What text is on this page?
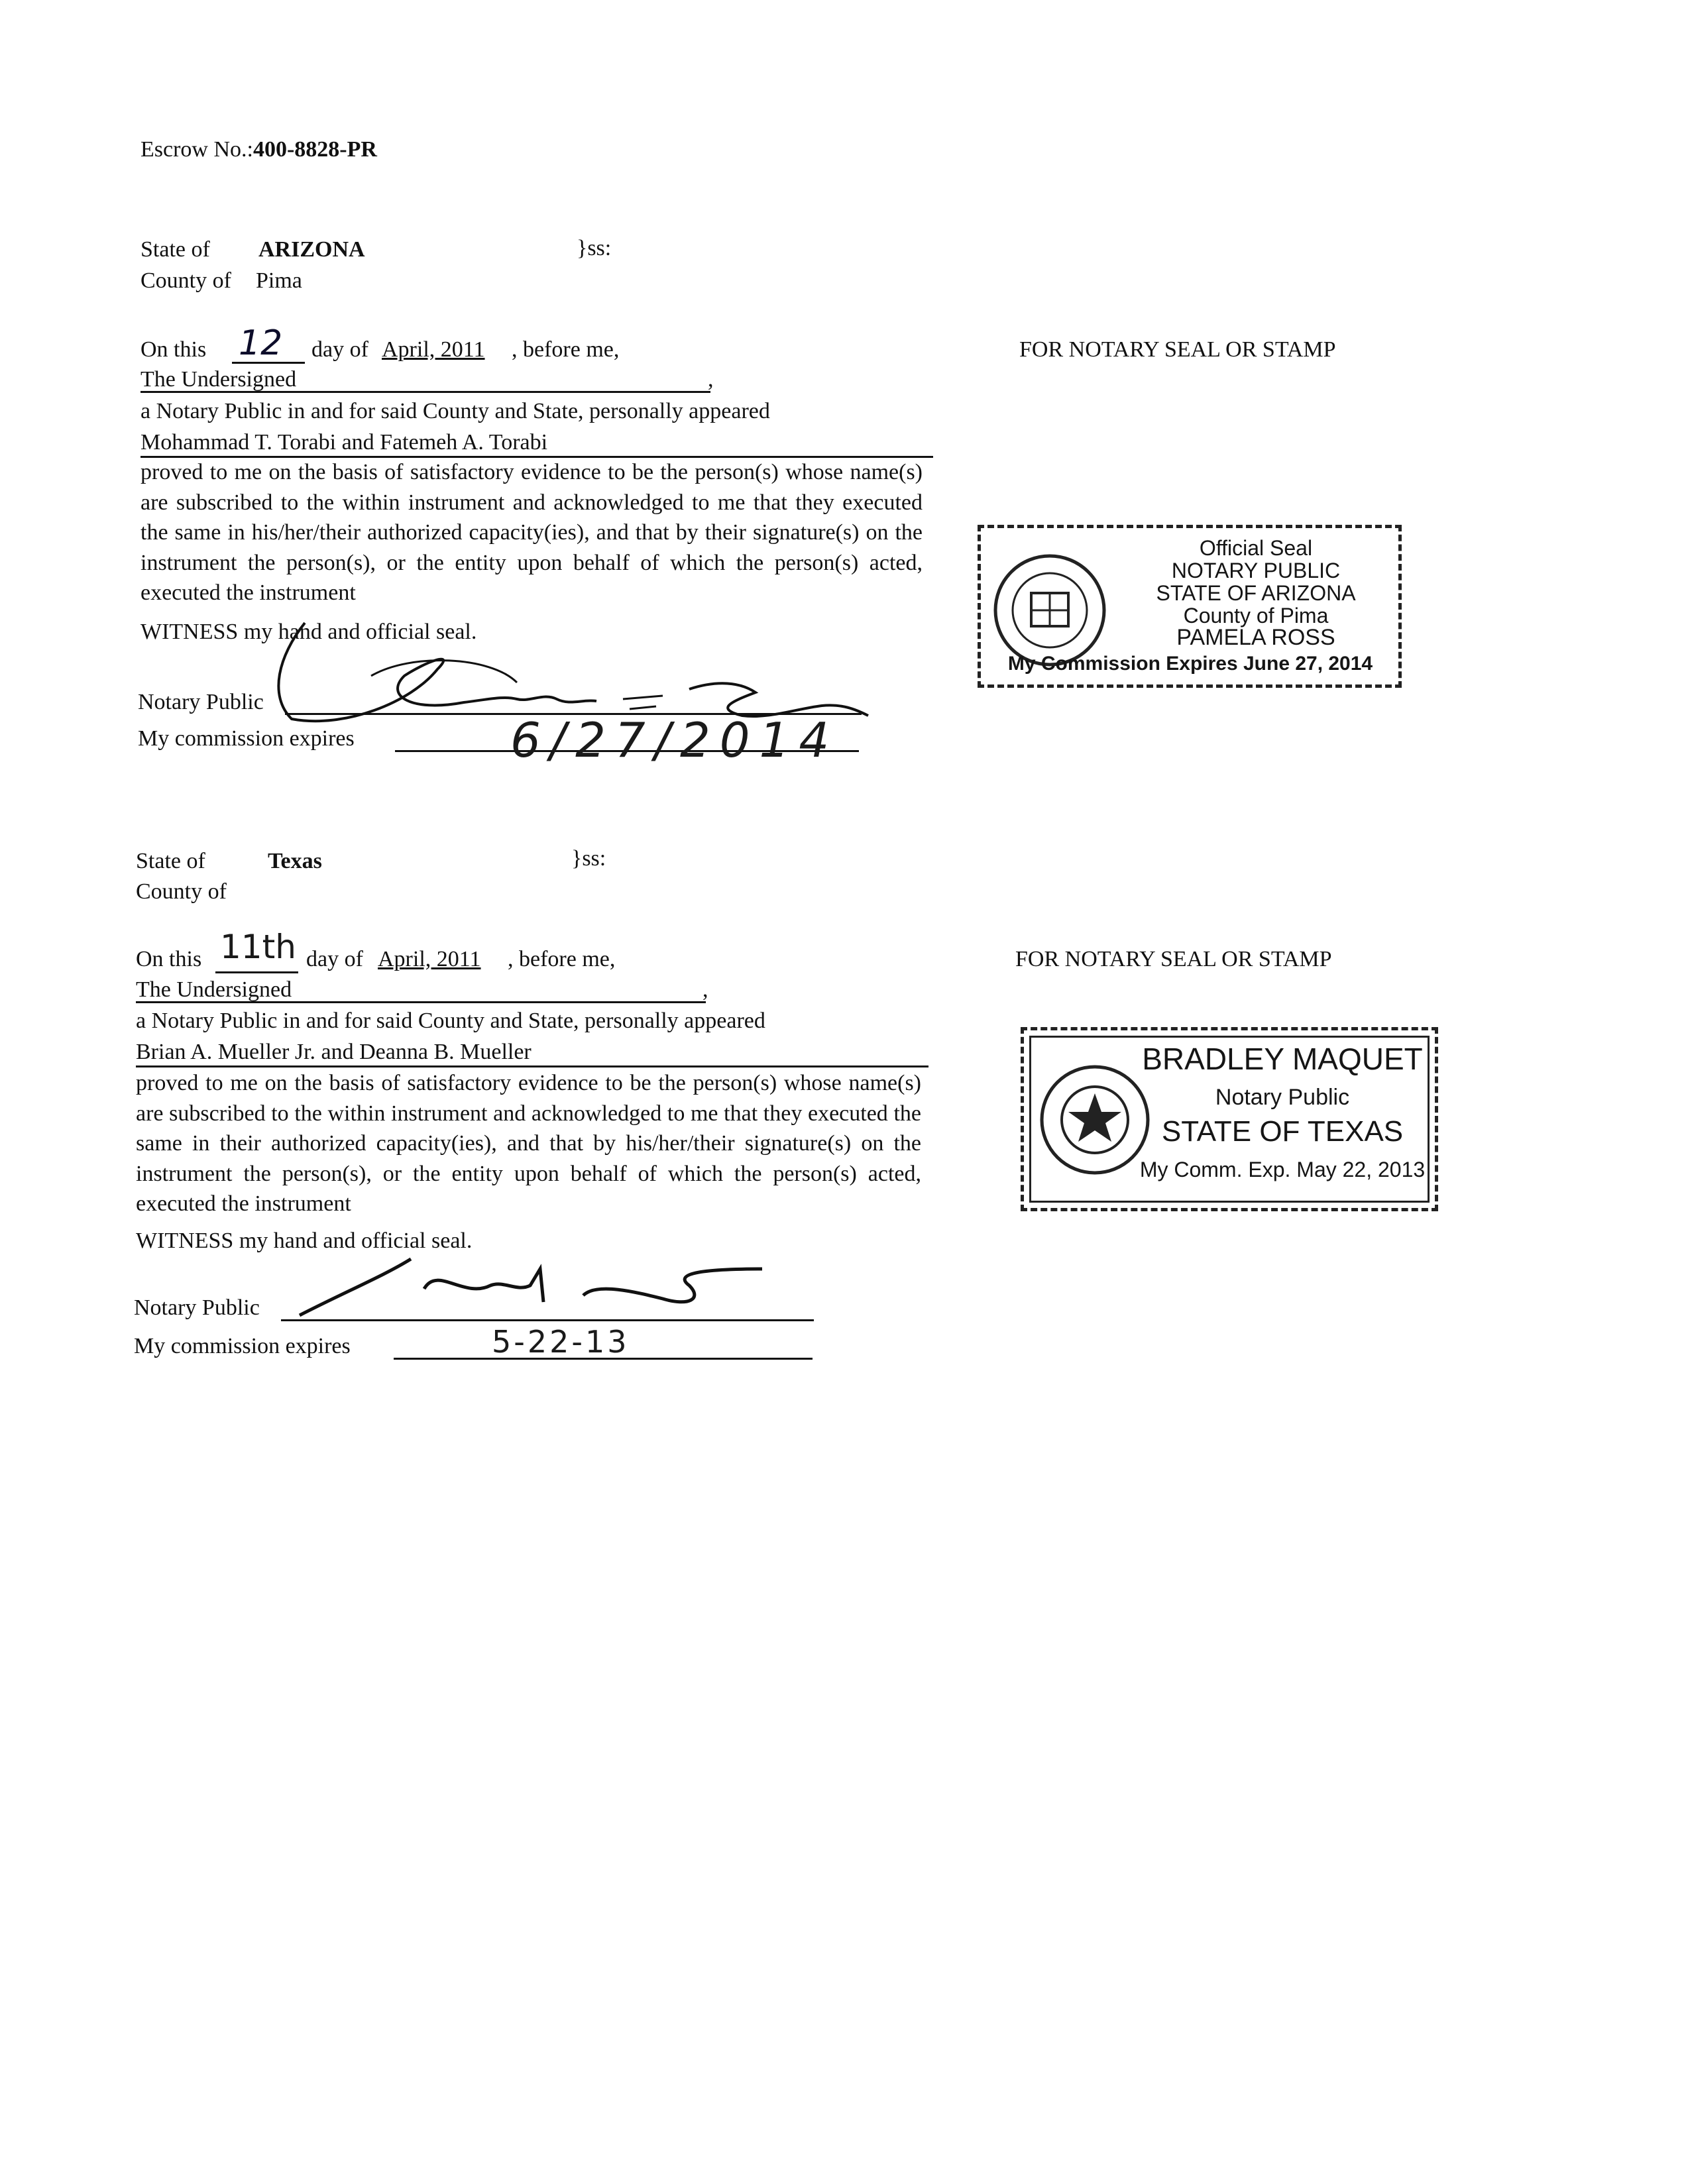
Escrow No.:400-8828-PR
State of ARIZONA	}ss:
County of Pima
On this 12 day of April, 2011 , before me,
The Undersigned	,
a Notary Public in and for said County and State, personally appeared
Mohammad T. Torabi and Fatemeh A. Torabi
proved to me on the basis of satisfactory evidence to be the person(s) whose name(s) are subscribed to the within instrument and acknowledged to me that they executed the same in his/her/their authorized capacity(ies), and that by their signature(s) on the instrument the person(s), or the entity upon behalf of which the person(s) acted, executed the instrument
WITNESS my hand and official seal.
Notary Public
My commission expires	6/27/2014
FOR NOTARY SEAL OR STAMP
Official Seal
NOTARY PUBLIC
STATE OF ARIZONA
County of Pima
PAMELA ROSS
My Commission Expires June 27, 2014
State of	Texas	}ss:
County of
On this 11th day of April, 2011 , before me,
The Undersigned	,
a Notary Public in and for said County and State, personally appeared
Brian A. Mueller Jr. and Deanna B. Mueller
proved to me on the basis of satisfactory evidence to be the person(s) whose name(s) are subscribed to the within instrument and acknowledged to me that they executed the same in their authorized capacity(ies), and that by his/her/their signature(s) on the instrument the person(s), or the entity upon behalf of which the person(s) acted, executed the instrument
WITNESS my hand and official seal.
Notary Public
My commission expires	5-22-13
FOR NOTARY SEAL OR STAMP
BRADLEY MAQUET
Notary Public
STATE OF TEXAS
My Comm. Exp. May 22, 2013
